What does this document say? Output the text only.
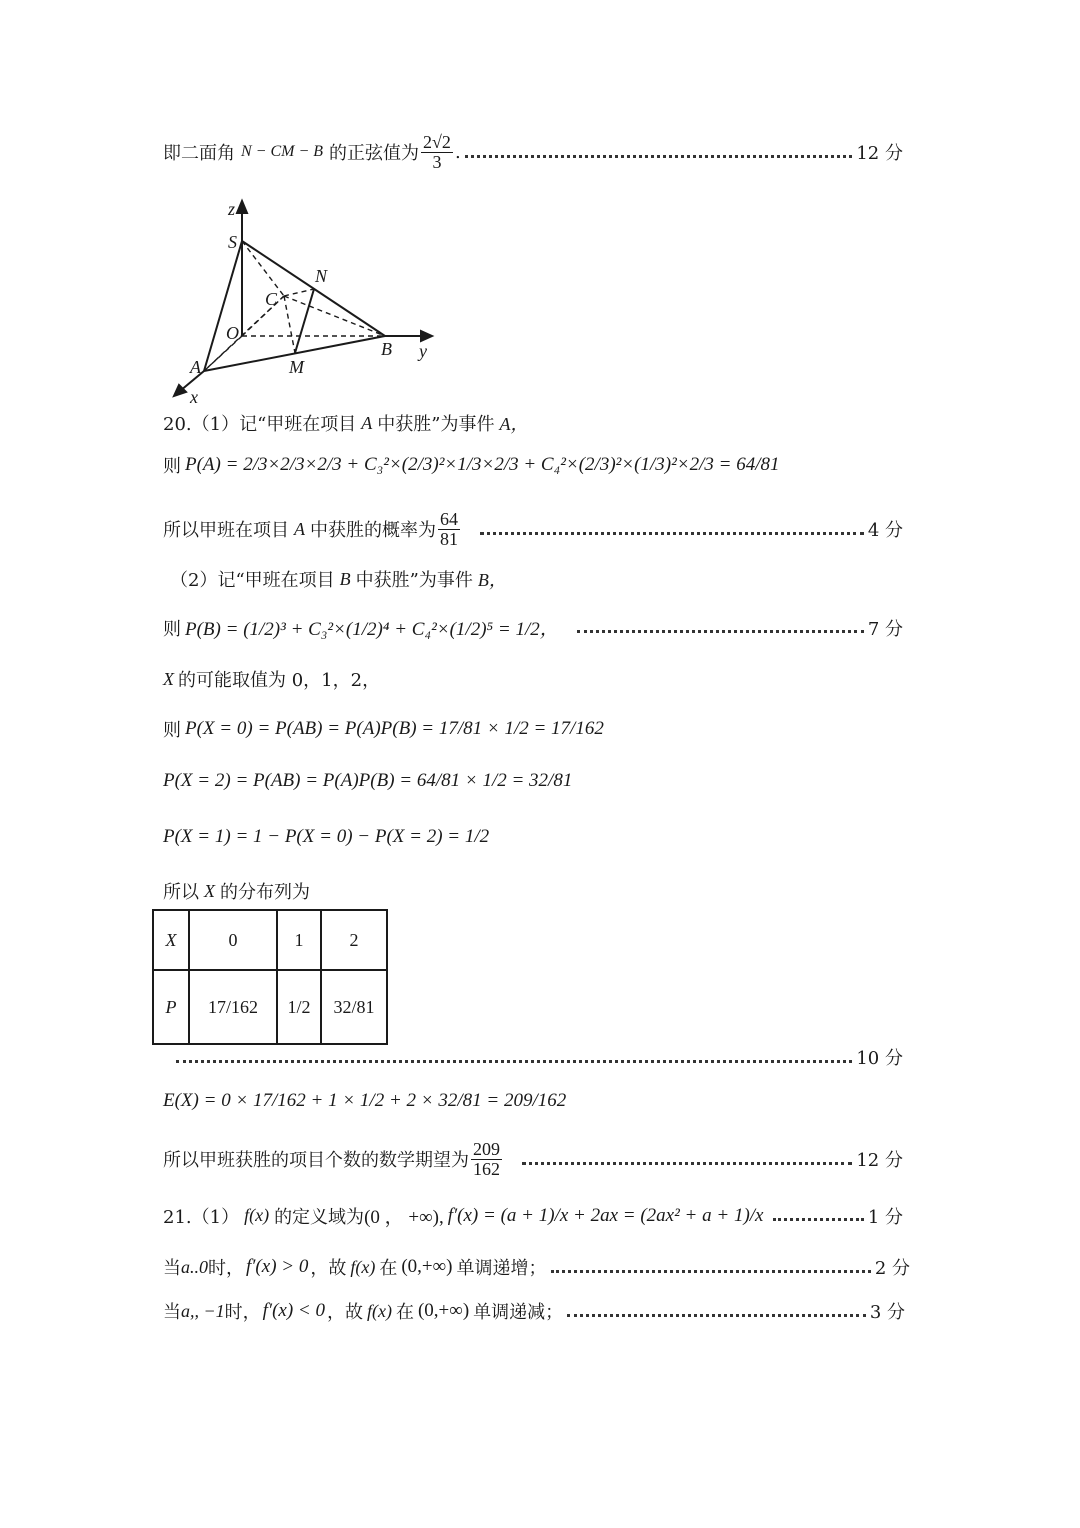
即二面角 N − CM − B 的正弦值为 $\frac{2√2}{3}$ .	12 分
z
S
N
C
O
B y
A	M
x
20.（1）记“甲班在项目 A 中获胜”为事件 A，
则 P(A) = 2/3×2/3×2/3 + C₃²×(2/3)²×1/3×2/3 + C₄²×(2/3)²×(1/3)²×2/3 = 64/81
所以甲班在项目 A 中获胜的概率为 $\frac{64}{81}$	4 分
（2）记“甲班在项目 B 中获胜”为事件 B，
则 P(B) = (1/2)³ + C₃²×(1/2)⁴ + C₄²×(1/2)⁵ = 1/2，	7 分
X 的可能取值为 0，1，2，
则 P(X = 0) = P(AB) = P(A)P(B) = 17/81 × 1/2 = 17/162
P(X = 2) = P(AB) = P(A)P(B) = 64/81 × 1/2 = 32/81
P(X = 1) = 1 − P(X = 0) − P(X = 2) = 1/2
所以 X 的分布列为
X	0	1	2
P	17/162	1/2	32/81
10 分
E(X) = 0 × 17/162 + 1 × 1/2 + 2 × 32/81 = 209/162
所以甲班获胜的项目个数的数学期望为 $\frac{209}{162}$	12 分
21.（1） f(x) 的定义域为 (0 ， +∞), f′(x) = (a + 1)/x + 2ax = (2ax² + a + 1)/x	1 分
当 a..0 时， f′(x) > 0 ，故 f(x) 在 (0,+∞) 单调递增；	2 分
当 a,, −1 时， f′(x) < 0 ，故 f(x) 在 (0,+∞) 单调递减；	3 分
